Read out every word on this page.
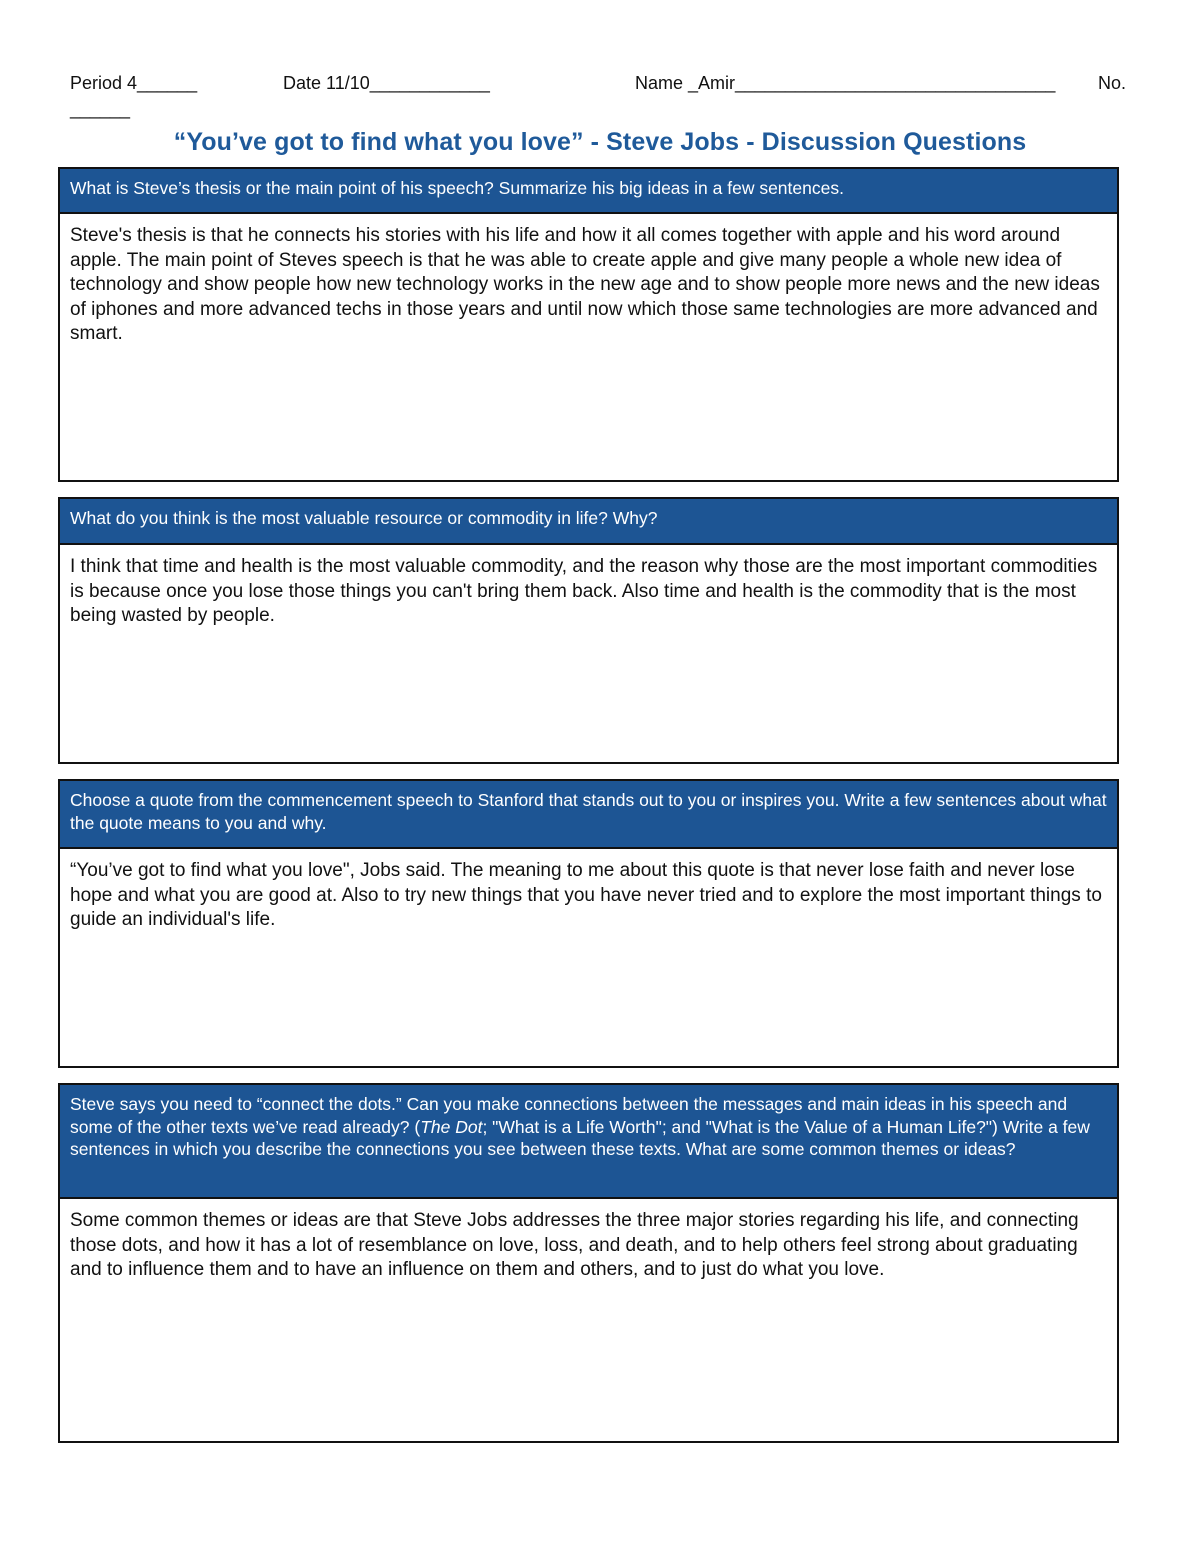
Period 4______	Date 11/10____________	Name _Amir________________________________ No.
______
“You’ve got to find what you love” - Steve Jobs - Discussion Questions
What is Steve’s thesis or the main point of his speech? Summarize his big ideas in a few sentences.
Steve's thesis is that he connects his stories with his life and how it all comes together with apple and his word around apple. The main point of Steves speech is that he was able to create apple and give many people a whole new idea of technology and show people how new technology works in the new age and to show people more news and the new ideas of iphones and more advanced techs in those years and until now which those same technologies are more advanced and smart.
What do you think is the most valuable resource or commodity in life? Why?
I think that time and health is the most valuable commodity, and the reason why those are the most important commodities is because once you lose those things you can't bring them back. Also time and health is the commodity that is the most being wasted by people.
Choose a quote from the commencement speech to Stanford that stands out to you or inspires you. Write a few sentences about what the quote means to you and why.
“You’ve got to find what you love", Jobs said. The meaning to me about this quote is that never lose faith and never lose hope and what you are good at. Also to try new things that you have never tried and to explore the most important things to guide an individual's life.
Steve says you need to “connect the dots.” Can you make connections between the messages and main ideas in his speech and some of the other texts we’ve read already? (The Dot; "What is a Life Worth"; and "What is the Value of a Human Life?") Write a few sentences in which you describe the connections you see between these texts. What are some common themes or ideas?
Some common themes or ideas are that Steve Jobs addresses the three major stories regarding his life, and connecting those dots, and how it has a lot of resemblance on love, loss, and death, and to help others feel strong about graduating and to influence them and to have an influence on them and others, and to just do what you love.
